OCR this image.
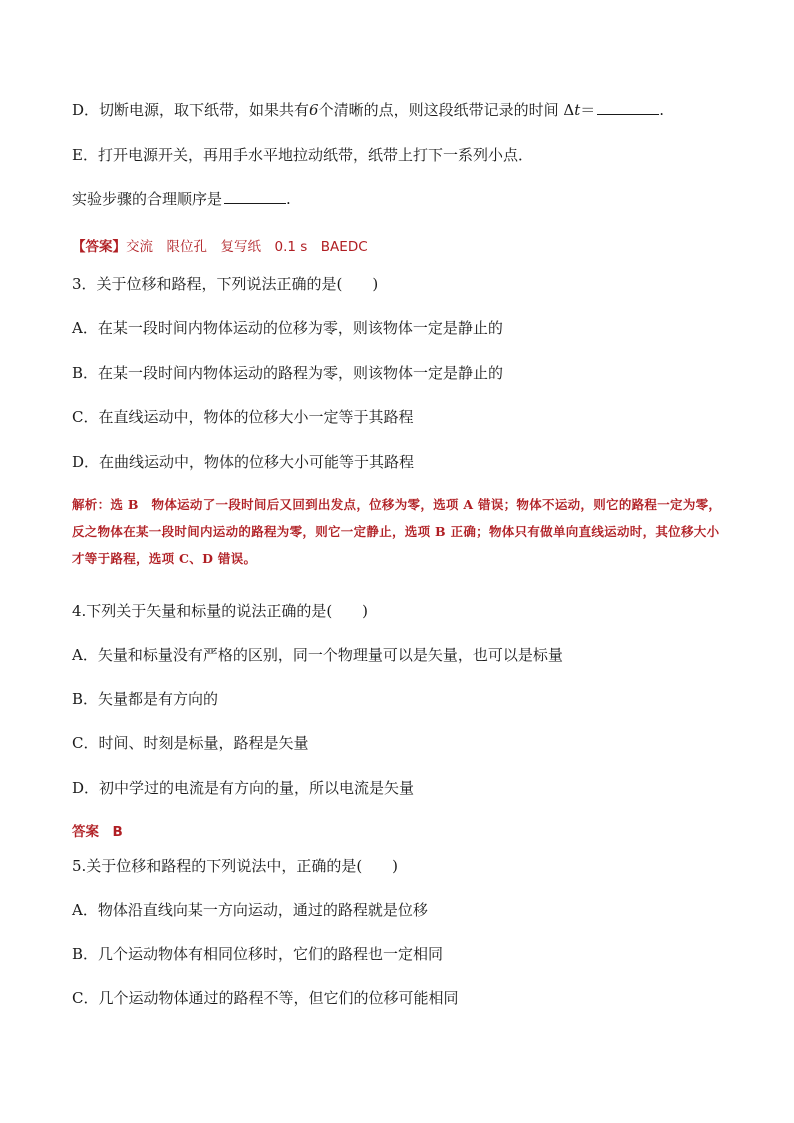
D．切断电源，取下纸带，如果共有6个清晰的点，则这段纸带记录的时间 Δt＝	.
E．打开电源开关，再用手水平地拉动纸带，纸带上打下一系列小点．
实验步骤的合理顺序是	.
【答案】交流　限位孔　复写纸　0.1 s　BAEDC
3．关于位移和路程，下列说法正确的是(　　)
A．在某一段时间内物体运动的位移为零，则该物体一定是静止的
B．在某一段时间内物体运动的路程为零，则该物体一定是静止的
C．在直线运动中，物体的位移大小一定等于其路程
D．在曲线运动中，物体的位移大小可能等于其路程
解析：选 B　物体运动了一段时间后又回到出发点，位移为零，选项 A 错误；物体不运动，则它的路程一定为零，反之物体在某一段时间内运动的路程为零，则它一定静止，选项 B 正确；物体只有做单向直线运动时，其位移大小才等于路程，选项 C、D 错误。
4.下列关于矢量和标量的说法正确的是(　　)
A．矢量和标量没有严格的区别，同一个物理量可以是矢量，也可以是标量
B．矢量都是有方向的
C．时间、时刻是标量，路程是矢量
D．初中学过的电流是有方向的量，所以电流是矢量
答案　B
5.关于位移和路程的下列说法中，正确的是(　　)
A．物体沿直线向某一方向运动，通过的路程就是位移
B．几个运动物体有相同位移时，它们的路程也一定相同
C．几个运动物体通过的路程不等，但它们的位移可能相同
